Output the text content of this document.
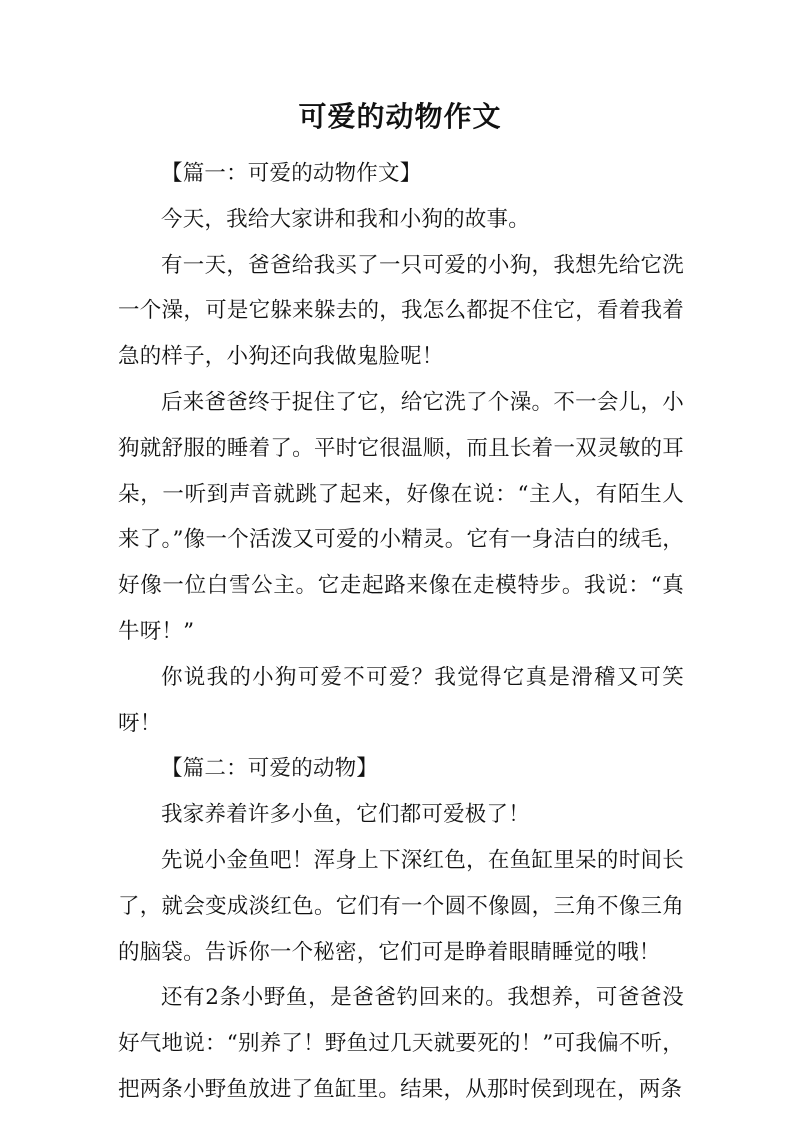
可爱的动物作文

【篇一：可爱的动物作文】

今天，我给大家讲和我和小狗的故事。

有一天，爸爸给我买了一只可爱的小狗，我想先给它洗一个澡，可是它躲来躲去的，我怎么都捉不住它，看着我着急的样子，小狗还向我做鬼脸呢！

后来爸爸终于捉住了它，给它洗了个澡。不一会儿，小狗就舒服的睡着了。平时它很温顺，而且长着一双灵敏的耳朵，一听到声音就跳了起来，好像在说：“主人，有陌生人来了。”像一个活泼又可爱的小精灵。它有一身洁白的绒毛，好像一位白雪公主。它走起路来像在走模特步。我说：“真牛呀！”

你说我的小狗可爱不可爱？我觉得它真是滑稽又可笑呀！

【篇二：可爱的动物】

我家养着许多小鱼，它们都可爱极了！

先说小金鱼吧！浑身上下深红色，在鱼缸里呆的时间长了，就会变成淡红色。它们有一个圆不像圆，三角不像三角的脑袋。告诉你一个秘密，它们可是睁着眼睛睡觉的哦！

还有2条小野鱼，是爸爸钓回来的。我想养，可爸爸没好气地说：“别养了！野鱼过几天就要死的！”可我偏不听，把两条小野鱼放进了鱼缸里。结果，从那时侯到现在，两条
